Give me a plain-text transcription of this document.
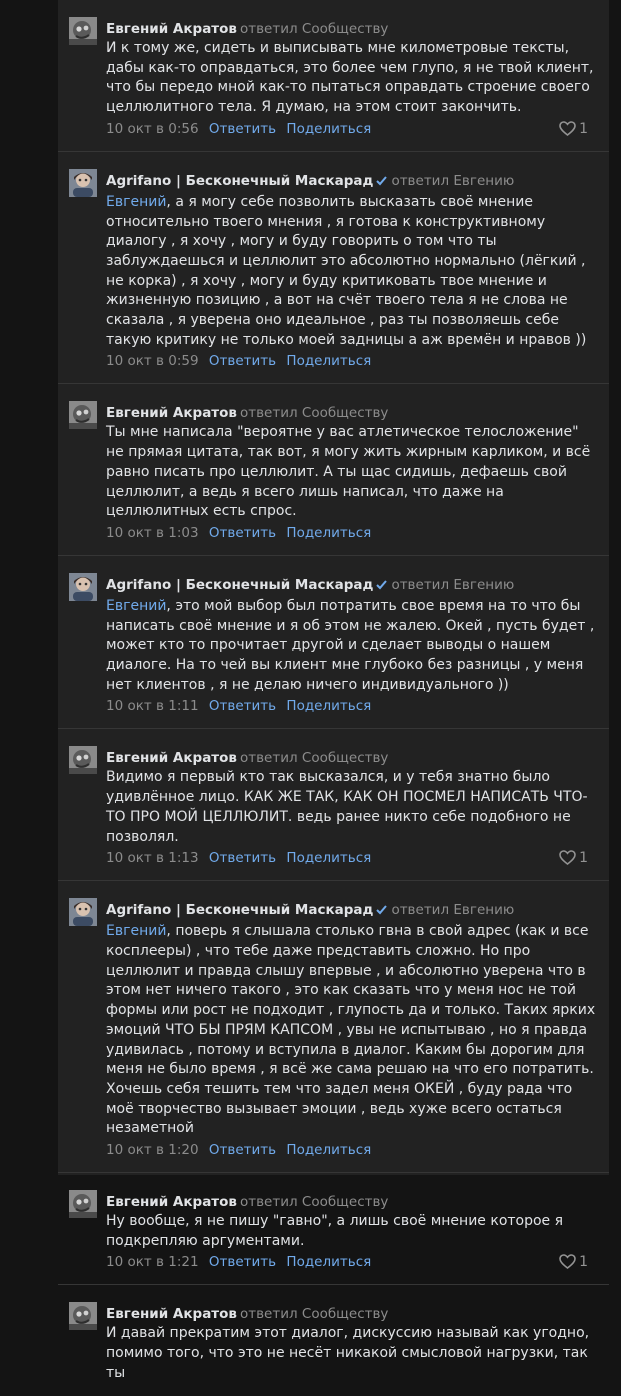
Евгений Акратов ответил Сообществу
И к тому же, сидеть и выписывать мне километровые тексты, дабы как-то оправдаться, это более чем глупо, я не твой клиент, что бы передо мной как-то пытаться оправдать строение своего целлюлитного тела. Я думаю, на этом стоит закончить.
10 окт в 0:56 Ответить Поделиться	1
Agrifano | Бесконечный Маскарад ответил Евгению
Евгений, а я могу себе позволить высказать своё мнение относительно твоего мнения , я готова к конструктивному диалогу , я хочу , могу и буду говорить о том что ты заблуждаешься и целлюлит это абсолютно нормально (лёгкий , не корка) , я хочу , могу и буду критиковать твое мнение и жизненную позицию , а вот на счёт твоего тела я не слова не сказала , я уверена оно идеальное , раз ты позволяешь себе такую критику не только моей задницы а аж времён и нравов ))
10 окт в 0:59 Ответить Поделиться
Евгений Акратов ответил Сообществу
Ты мне написала "вероятне у вас атлетическое телосложение" не прямая цитата, так вот, я могу жить жирным карликом, и всё равно писать про целлюлит. А ты щас сидишь, дефаешь свой целлюлит, а ведь я всего лишь написал, что даже на целлюлитных есть спрос.
10 окт в 1:03 Ответить Поделиться
Agrifano | Бесконечный Маскарад ответил Евгению
Евгений, это мой выбор был потратить свое время на то что бы написать своё мнение и я об этом не жалею. Окей , пусть будет , может кто то прочитает другой и сделает выводы о нашем диалоге. На то чей вы клиент мне глубоко без разницы , у меня нет клиентов , я не делаю ничего индивидуального ))
10 окт в 1:11 Ответить Поделиться
Евгений Акратов ответил Сообществу
Видимо я первый кто так высказался, и у тебя знатно было удивлённое лицо. КАК ЖЕ ТАК, КАК ОН ПОСМЕЛ НАПИСАТЬ ЧТО-ТО ПРО МОЙ ЦЕЛЛЮЛИТ. ведь ранее никто себе подобного не позволял.
10 окт в 1:13 Ответить Поделиться	1
Agrifano | Бесконечный Маскарад ответил Евгению
Евгений, поверь я слышала столько гвна в свой адрес (как и все косплееры) , что тебе даже представить сложно. Но про целлюлит и правда слышу впервые , и абсолютно уверена что в этом нет ничего такого , это как сказать что у меня нос не той формы или рост не подходит , глупость да и только. Таких ярких эмоций ЧТО БЫ ПРЯМ КАПСОМ , увы не испытываю , но я правда удивилась , потому и вступила в диалог. Каким бы дорогим для меня не было время , я всё же сама решаю на что его потратить. Хочешь себя тешить тем что задел меня ОКЕЙ , буду рада что моё творчество вызывает эмоции , ведь хуже всего остаться незаметной
10 окт в 1:20 Ответить Поделиться
Евгений Акратов ответил Сообществу
Ну вообще, я не пишу "гавно", а лишь своё мнение которое я подкрепляю аргументами.
10 окт в 1:21 Ответить Поделиться	1
Евгений Акратов ответил Сообществу
И давай прекратим этот диалог, дискуссию называй как угодно, помимо того, что это не несёт никакой смысловой нагрузки, так ты
